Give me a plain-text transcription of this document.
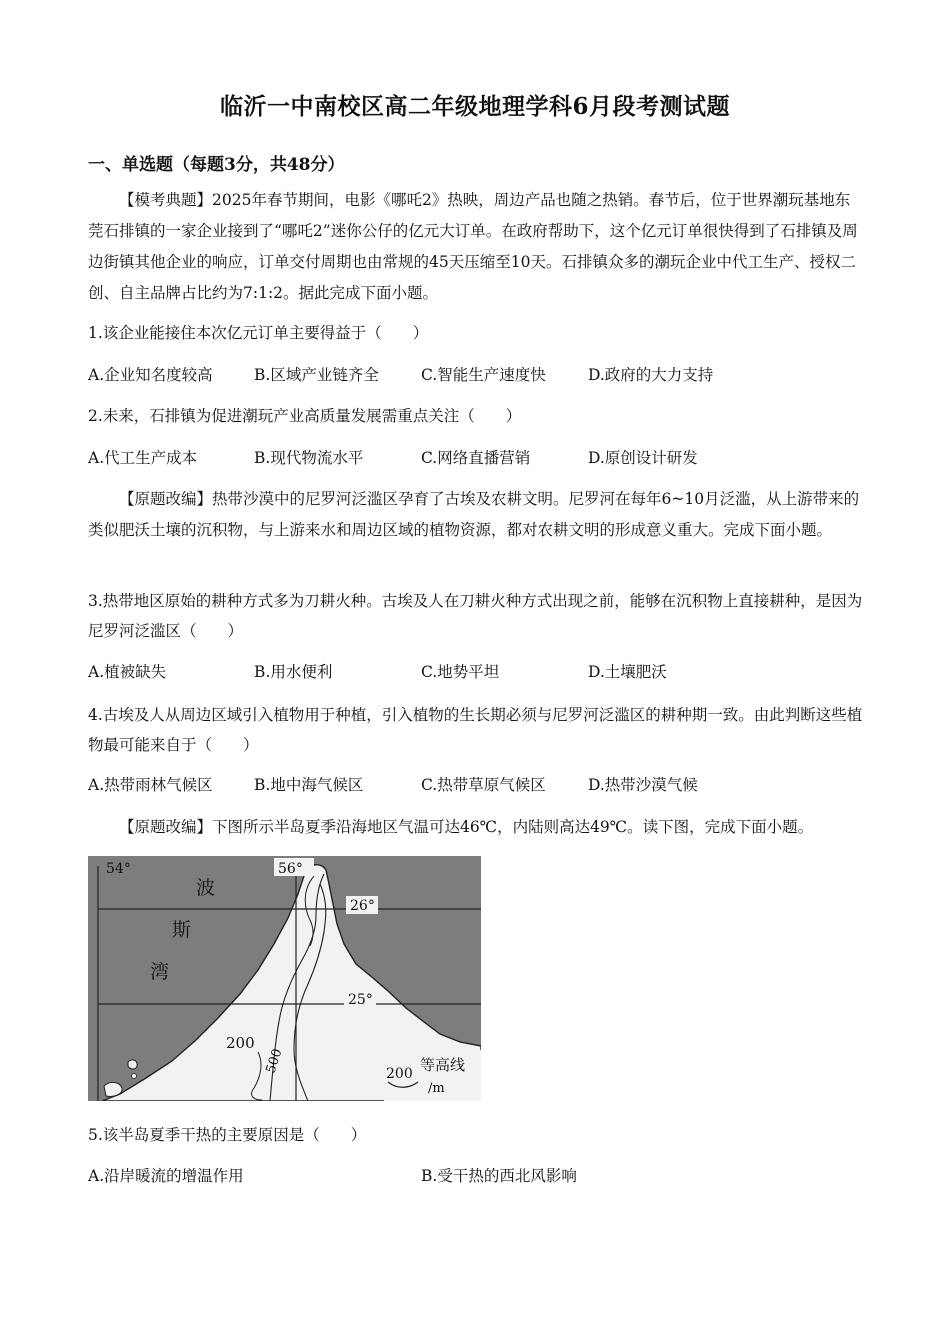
临沂一中南校区高二年级地理学科6月段考测试题
一、单选题（每题3分，共48分）
【模考典题】2025年春节期间，电影《哪吒2》热映，周边产品也随之热销。春节后，位于世界潮玩基地东莞石排镇的一家企业接到了“哪吒2”迷你公仔的亿元大订单。在政府帮助下，这个亿元订单很快得到了石排镇及周边街镇其他企业的响应，订单交付周期也由常规的45天压缩至10天。石排镇众多的潮玩企业中代工生产、授权二创、自主品牌占比约为7:1:2。据此完成下面小题。
1.该企业能接住本次亿元订单主要得益于（　　）
A.企业知名度较高	B.区域产业链齐全	C.智能生产速度快	D.政府的大力支持
2.未来，石排镇为促进潮玩产业高质量发展需重点关注（　　）
A.代工生产成本	B.现代物流水平	C.网络直播营销	D.原创设计研发
【原题改编】热带沙漠中的尼罗河泛滥区孕育了古埃及农耕文明。尼罗河在每年6~10月泛滥，从上游带来的类似肥沃土壤的沉积物，与上游来水和周边区域的植物资源，都对农耕文明的形成意义重大。完成下面小题。
3.热带地区原始的耕种方式多为刀耕火种。古埃及人在刀耕火种方式出现之前，能够在沉积物上直接耕种，是因为尼罗河泛滥区（　　）
A.植被缺失	B.用水便利	C.地势平坦	D.土壤肥沃
4.古埃及人从周边区域引入植物用于种植，引入植物的生长期必须与尼罗河泛滥区的耕种期一致。由此判断这些植物最可能来自于（　　）
A.热带雨林气候区	B.地中海气候区	C.热带草原气候区	D.热带沙漠气候
【原题改编】下图所示半岛夏季沿海地区气温可达46℃，内陆则高达49℃。读下图，完成下面小题。
54°	56°
26°
25°
波
斯
湾
200
500	200 等高线
/m
5.该半岛夏季干热的主要原因是（　　）
A.沿岸暖流的增温作用	B.受干热的西北风影响
